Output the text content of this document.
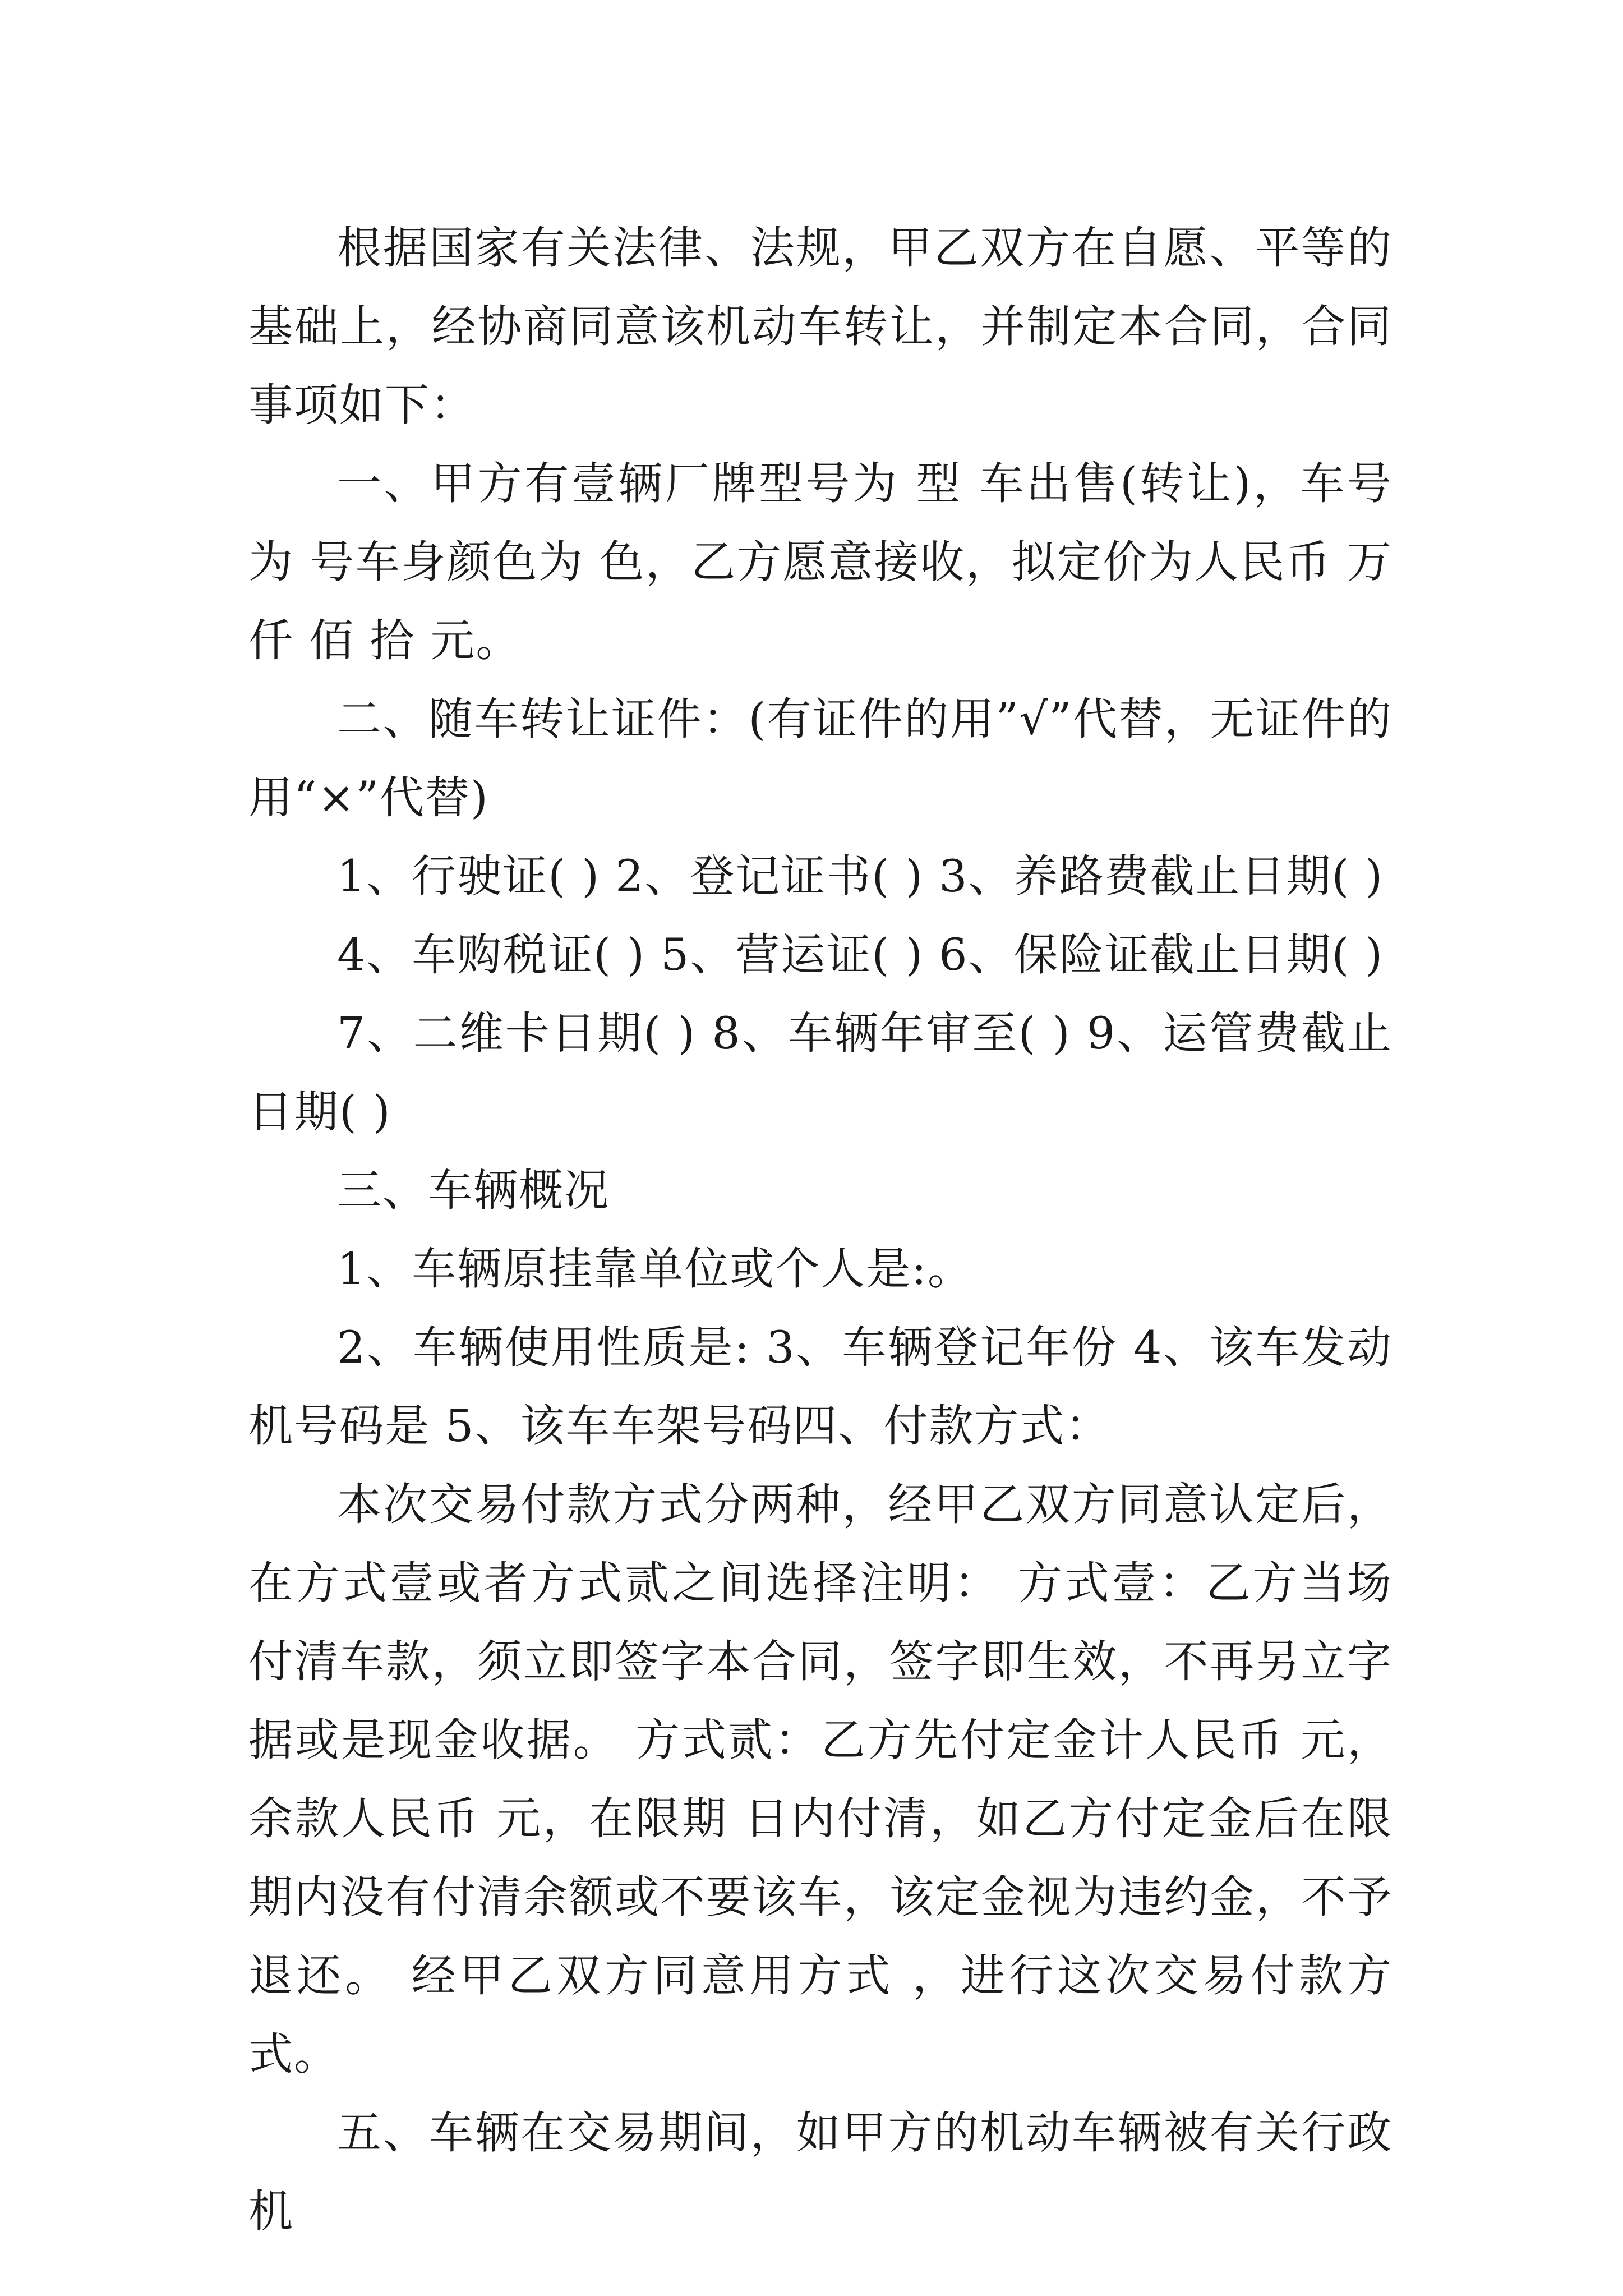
根据国家有关法律、法规，甲乙双方在自愿、平等的基础上，经协商同意该机动车转让，并制定本合同，合同事项如下：

一、甲方有壹辆厂牌型号为 型 车出售(转让)，车号为 号车身颜色为 色，乙方愿意接收，拟定价为人民币 万 仟 佰 拾 元。

二、随车转让证件：(有证件的用”√”代替，无证件的用“×”代替)

1、行驶证( ) 2、登记证书( ) 3、养路费截止日期( )

4、车购税证( ) 5、营运证( ) 6、保险证截止日期( )

7、二维卡日期( ) 8、车辆年审至( ) 9、运管费截止日期( )

三、车辆概况

1、车辆原挂靠单位或个人是:。

2、车辆使用性质是: 3、车辆登记年份 4、该车发动机号码是 5、该车车架号码四、付款方式：

本次交易付款方式分两种，经甲乙双方同意认定后，在方式壹或者方式贰之间选择注明： 方式壹：乙方当场付清车款，须立即签字本合同，签字即生效，不再另立字据或是现金收据。 方式贰：乙方先付定金计人民币 元，余款人民币 元，在限期 日内付清，如乙方付定金后在限期内没有付清余额或不要该车，该定金视为违约金，不予退还。 经甲乙双方同意用方式 ，进行这次交易付款方式。

五、车辆在交易期间，如甲方的机动车辆被有关行政机
